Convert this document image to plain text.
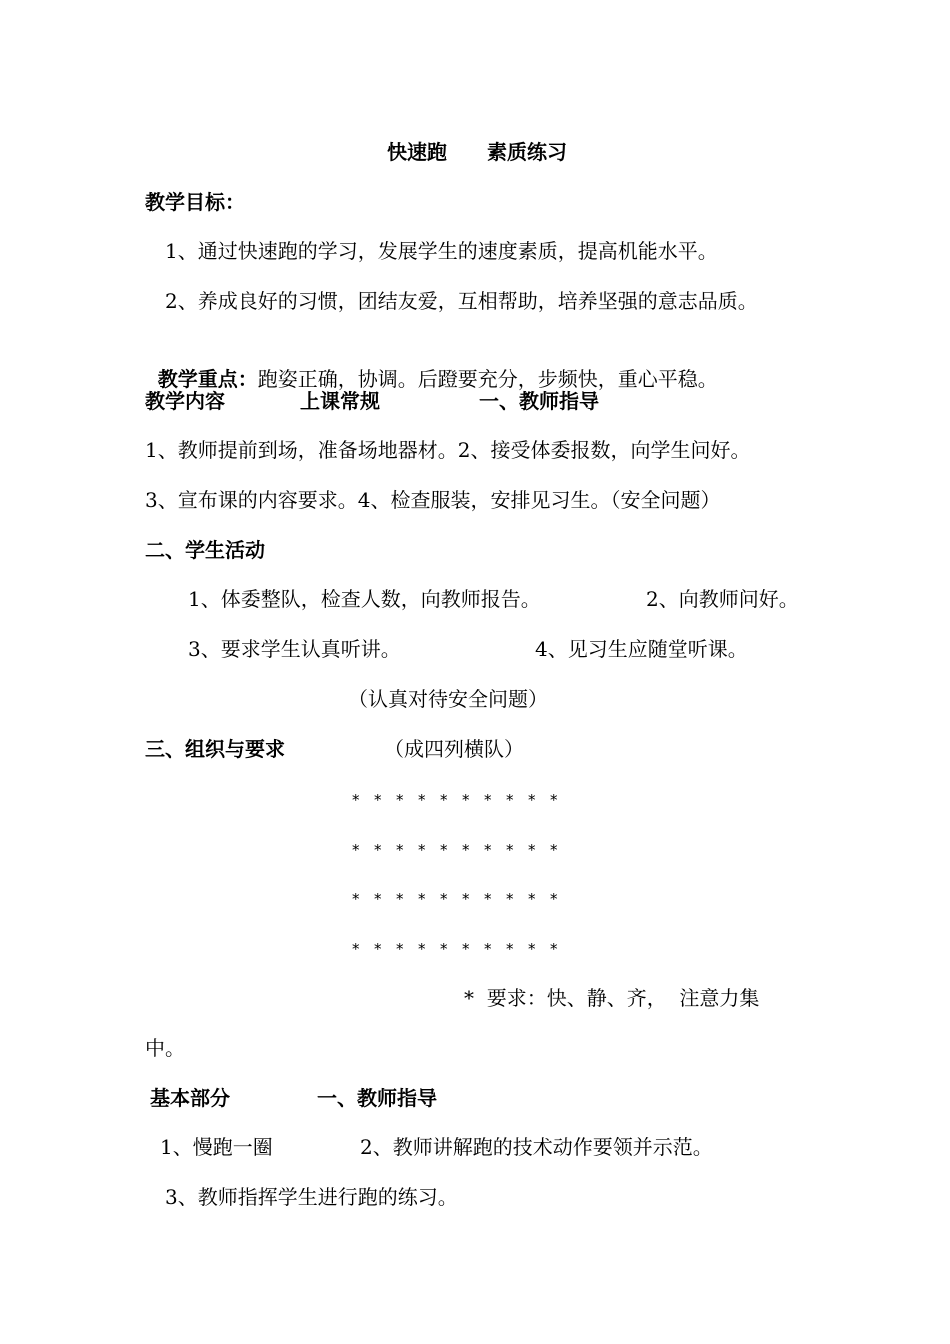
快速跑 素质练习
教学目标：
1、通过快速跑的学习，发展学生的速度素质，提高机能水平。
2、养成良好的习惯，团结友爱，互相帮助，培养坚强的意志品质。

教学重点：跑姿正确，协调。后蹬要充分，步频快，重心平稳。

教学内容	上课常规	一、教师指导
1、教师提前到场，准备场地器材。2、接受体委报数，向学生问好。
3、宣布课的内容要求。4、检查服装，安排见习生。（安全问题）
二、学生活动
1、体委整队，检查人数，向教师报告。	2、向教师问好。
3、要求学生认真听讲。	4、见习生应随堂听课。
（认真对待安全问题）
三、组织与要求	（成四列横队）
* * * * * * * * * *
* * * * * * * * * *
* * * * * * * * * *
* * * * * * * * * *
*  要求：快、静、齐，  注意力集
中。
基本部分	一、教师指导
1、慢跑一圈	2、教师讲解跑的技术动作要领并示范。
3、教师指挥学生进行跑的练习。
